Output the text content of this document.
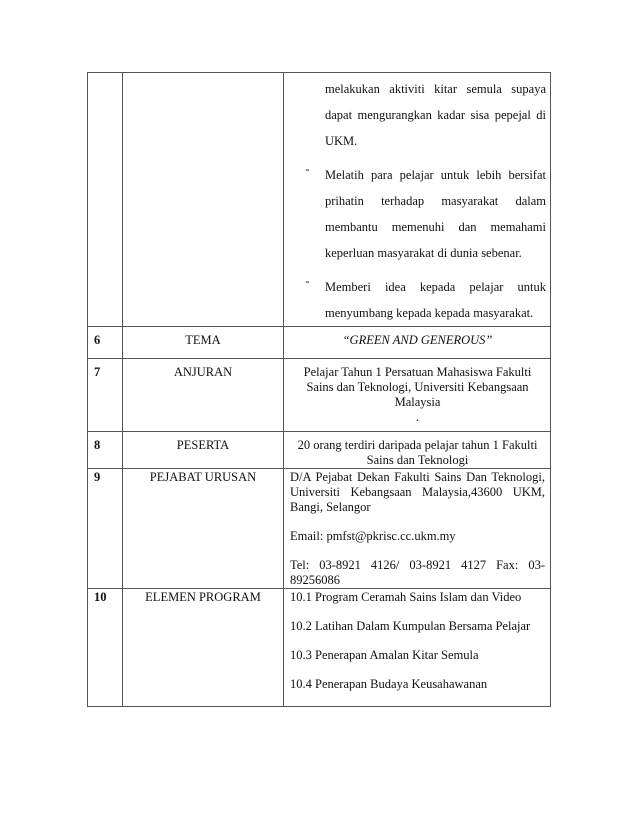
		melakukan aktiviti kitar semula supaya dapat mengurangkan kadar sisa pepejal di UKM.
- Melatih para pelajar untuk lebih bersifat prihatin terhadap masyarakat dalam membantu memenuhi dan memahami keperluan masyarakat di dunia sebenar.
- Memberi idea kepada pelajar untuk menyumbang kepada kepada masyarakat.

6	TEMA	“GREEN AND GENEROUS”
7	ANJURAN	Pelajar Tahun 1 Persatuan Mahasiswa Fakulti Sains dan Teknologi, Universiti Kebangsaan Malaysia
.

8	PESERTA	20 orang terdiri daripada pelajar tahun 1 Fakulti Sains dan Teknologi
9	PEJABAT URUSAN	D/A Pejabat Dekan Fakulti Sains Dan Teknologi, Universiti Kebangsaan Malaysia,43600 UKM, Bangi, Selangor

Email: pmfst@pkrisc.cc.ukm.my

Tel: 03-8921 4126/ 03-8921 4127 Fax: 03-89256086

10	ELEMEN PROGRAM	10.1 Program Ceramah Sains Islam dan Video

10.2 Latihan Dalam Kumpulan Bersama Pelajar

10.3 Penerapan Amalan Kitar Semula

10.4 Penerapan Budaya Keusahawanan
